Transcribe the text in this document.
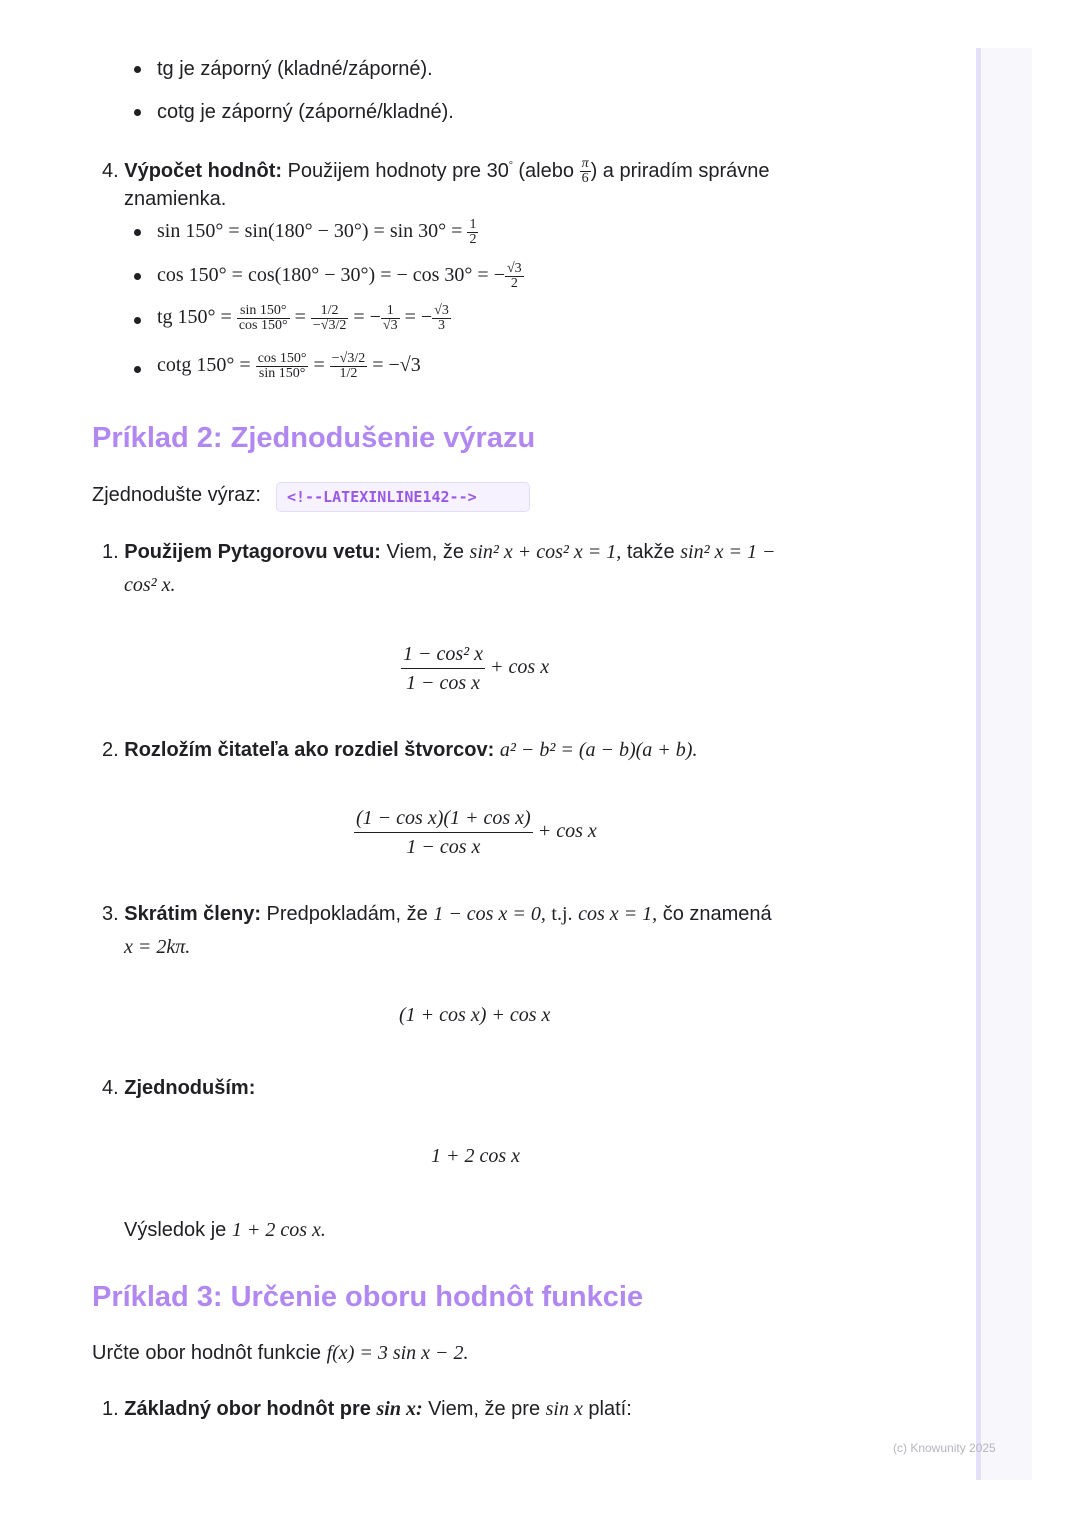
tg je záporný (kladné/záporné).
cotg je záporný (záporné/kladné).
4. Výpočet hodnôt: Použijem hodnoty pre 30° (alebo $\frac{\pi}{6}$ ) a priradím správne
znamienka.
$\sin 150^\circ = \sin(180^\circ - 30^\circ) = \sin 30^\circ = \frac{1}{2}$
cos 150° = cos(180° − 30°) = − cos 30° = − $\frac{√3}{2}$
tg $150^\circ = \frac{\sin 150^\circ}{\cos 150^\circ} = \frac{1/2}{-√3/2}$ = − $\frac{1}{√3}$ = − $\frac{√3}{3}$
cotg $150^\circ = \frac{\cos 150^\circ}{\sin 150^\circ} = \frac{-√3/2}{1/2} = -√3$
Príklad 2: Zjednodušenie výrazu
Zjednodušte výraz:	<!--LATEXINLINE142-->
1. Použijem Pytagorovu vetu: Viem, že sin² x + cos² x = 1, takže sin² x = 1 −
cos² x.
$\frac{\text{1 − cos² x}}{\text{1 − cos x}} + \cos x$
2. Rozložím čitateľa ako rozdiel štvorcov: a² − b² = (a − b)(a + b).
$\frac{\text{(1 − cos x)(1 + cos x)}}{\text{1 − cos x}} + \cos x$
3. Skrátim členy: Predpokladám, že 1 − cos x = 0, t.j. cos x = 1, čo znamená
x = 2kπ.
(1 + cos x) + cos x
4. Zjednoduším:
1 + 2 cos x
Výsledok je 1 + 2 cos x.
Príklad 3: Určenie oboru hodnôt funkcie
Určte obor hodnôt funkcie f(x) = 3 sin x − 2.
1. Základný obor hodnôt pre sin x: Viem, že pre sin x platí:
(c) Knowunity 2025
